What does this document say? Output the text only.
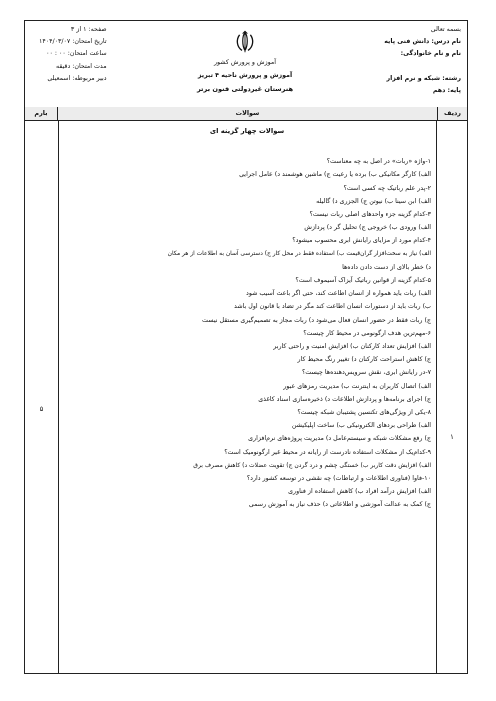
بسمه تعالی
نام درس: دانش فنی پایه
نام و نام خانوادگی:

رشته: شبکه و نرم افزار
پایه: دهم
آموزش و پرورش کشور
آموزش و پرورش ناحیه ۴ تبریز
هنرستان غیردولتی فنون برتر
صفحه: ۱ از ۳
تاریخ امتحان: ۱۴۰۴/۰۳/۰۷
ساعت امتحان: ۰۰ : ۰۰
مدت امتحان: دقیقه
دبیر مربوطه: اسمعیلی
ردیف
سوالات
بارم
۱
۵
سوالات چهار گزینه ای
۱-واژه «ربات» در اصل به چه معناست؟
الف) کارگر مکانیکی ب) برده یا رعیت ج) ماشین هوشمند د) عامل اجرایی
۲-پدر علم رباتیک چه کسی است؟
الف) ابن سینا ب) نیوتن ج) الجزری د) گالیله
۳-کدام گزینه جزء واحدهای اصلی ربات نیست؟
الف) ورودی ب) خروجی ج) تحلیل گر د) پردازش
۴-کدام مورد از مزایای رایانش ابری محسوب میشود؟
الف) نیاز به سخت‌افزار گران‌قیمت ب) استفاده فقط در محل کار ج) دسترسی آسان به اطلاعات از هر مکان
د) خطر بالای از دست دادن داده‌ها
۵-کدام گزینه از قوانین رباتیک آیزاک آسیموف است؟
الف) ربات باید همواره از انسان اطاعت کند، حتی اگر باعث آسیب شود
ب) ربات باید از دستورات انسان اطاعت کند مگر در تضاد با قانون اول باشد
ج) ربات فقط در حضور انسان فعال می‌شود د) ربات مجاز به تصمیم‌گیری مستقل نیست
۶-مهم‌ترین هدف ارگونومی در محیط کار چیست؟
الف) افزایش تعداد کارکنان ب) افزایش امنیت و راحتی کاربر
ج) کاهش استراحت کارکنان د) تغییر رنگ محیط کار
۷-در رایانش ابری، نقش سرویس‌دهنده‌ها چیست؟
الف) اتصال کاربران به اینترنت ب) مدیریت رمزهای عبور
ج) اجرای برنامه‌ها و پردازش اطلاعات د) ذخیره‌سازی اسناد کاغذی
۸-یکی از ویژگی‌های تکنسین پشتیبان شبکه چیست؟
الف) طراحی بردهای الکترونیکی ب) ساخت اپلیکیشن
ج) رفع مشکلات شبکه و سیستم‌عامل د) مدیریت پروژه‌های نرم‌افزاری
۹-کدام‌یک از مشکلات استفاده نادرست از رایانه در محیط غیر ارگونومیک است؟
الف) افزایش دقت کاربر ب) خستگی چشم و درد گردن ج) تقویت عضلات د) کاهش مصرف برق
۱۰-فاوا (فناوری اطلاعات و ارتباطات) چه نقشی در توسعه کشور دارد؟
الف) افزایش درآمد افراد ب) کاهش استفاده از فناوری
ج) کمک به عدالت آموزشی و اطلاعاتی د) حذف نیاز به آموزش رسمی
